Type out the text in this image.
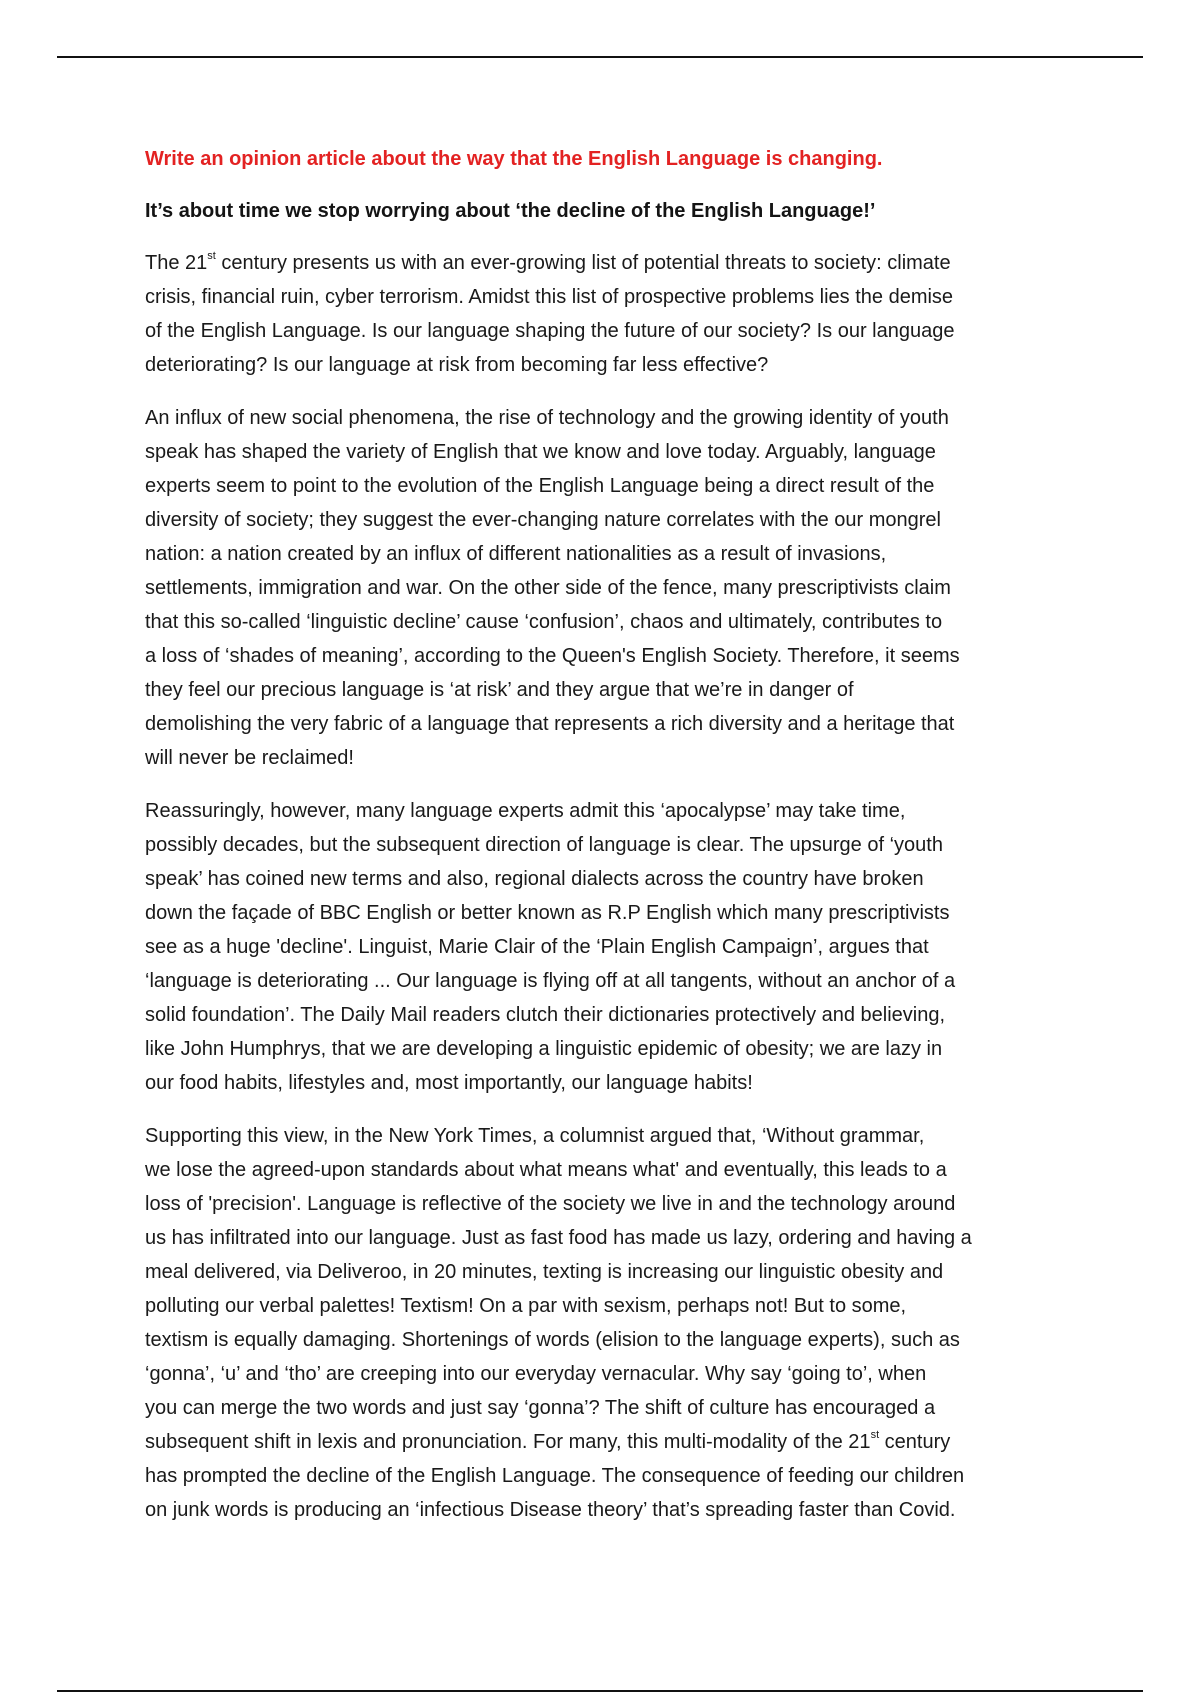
Write an opinion article about the way that the English Language is changing.

It’s about time we stop worrying about ‘the decline of the English Language!’

The 21st century presents us with an ever-growing list of potential threats to society: climate
crisis, financial ruin, cyber terrorism. Amidst this list of prospective problems lies the demise
of the English Language. Is our language shaping the future of our society? Is our language
deteriorating? Is our language at risk from becoming far less effective?

An influx of new social phenomena, the rise of technology and the growing identity of youth
speak has shaped the variety of English that we know and love today. Arguably, language
experts seem to point to the evolution of the English Language being a direct result of the
diversity of society; they suggest the ever-changing nature correlates with the our mongrel
nation: a nation created by an influx of different nationalities as a result of invasions,
settlements, immigration and war. On the other side of the fence, many prescriptivists claim
that this so-called ‘linguistic decline’ cause ‘confusion’, chaos and ultimately, contributes to
a loss of ‘shades of meaning’, according to the Queen's English Society. Therefore, it seems
they feel our precious language is ‘at risk’ and they argue that we’re in danger of
demolishing the very fabric of a language that represents a rich diversity and a heritage that
will never be reclaimed!

Reassuringly, however, many language experts admit this ‘apocalypse’ may take time,
possibly decades, but the subsequent direction of language is clear. The upsurge of ‘youth
speak’ has coined new terms and also, regional dialects across the country have broken
down the façade of BBC English or better known as R.P English which many prescriptivists
see as a huge 'decline'. Linguist, Marie Clair of the ‘Plain English Campaign’, argues that
‘language is deteriorating ... Our language is flying off at all tangents, without an anchor of a
solid foundation’. The Daily Mail readers clutch their dictionaries protectively and believing,
like John Humphrys, that we are developing a linguistic epidemic of obesity; we are lazy in
our food habits, lifestyles and, most importantly, our language habits!

Supporting this view, in the New York Times, a columnist argued that, ‘Without grammar,
we lose the agreed-upon standards about what means what' and eventually, this leads to a
loss of 'precision'. Language is reflective of the society we live in and the technology around
us has infiltrated into our language. Just as fast food has made us lazy, ordering and having a
meal delivered, via Deliveroo, in 20 minutes, texting is increasing our linguistic obesity and
polluting our verbal palettes! Textism! On a par with sexism, perhaps not! But to some,
textism is equally damaging. Shortenings of words (elision to the language experts), such as
‘gonna’, ‘u’ and ‘tho’ are creeping into our everyday vernacular. Why say ‘going to’, when
you can merge the two words and just say ‘gonna’? The shift of culture has encouraged a
subsequent shift in lexis and pronunciation. For many, this multi-modality of the 21st century
has prompted the decline of the English Language. The consequence of feeding our children
on junk words is producing an ‘infectious Disease theory’ that’s spreading faster than Covid.
